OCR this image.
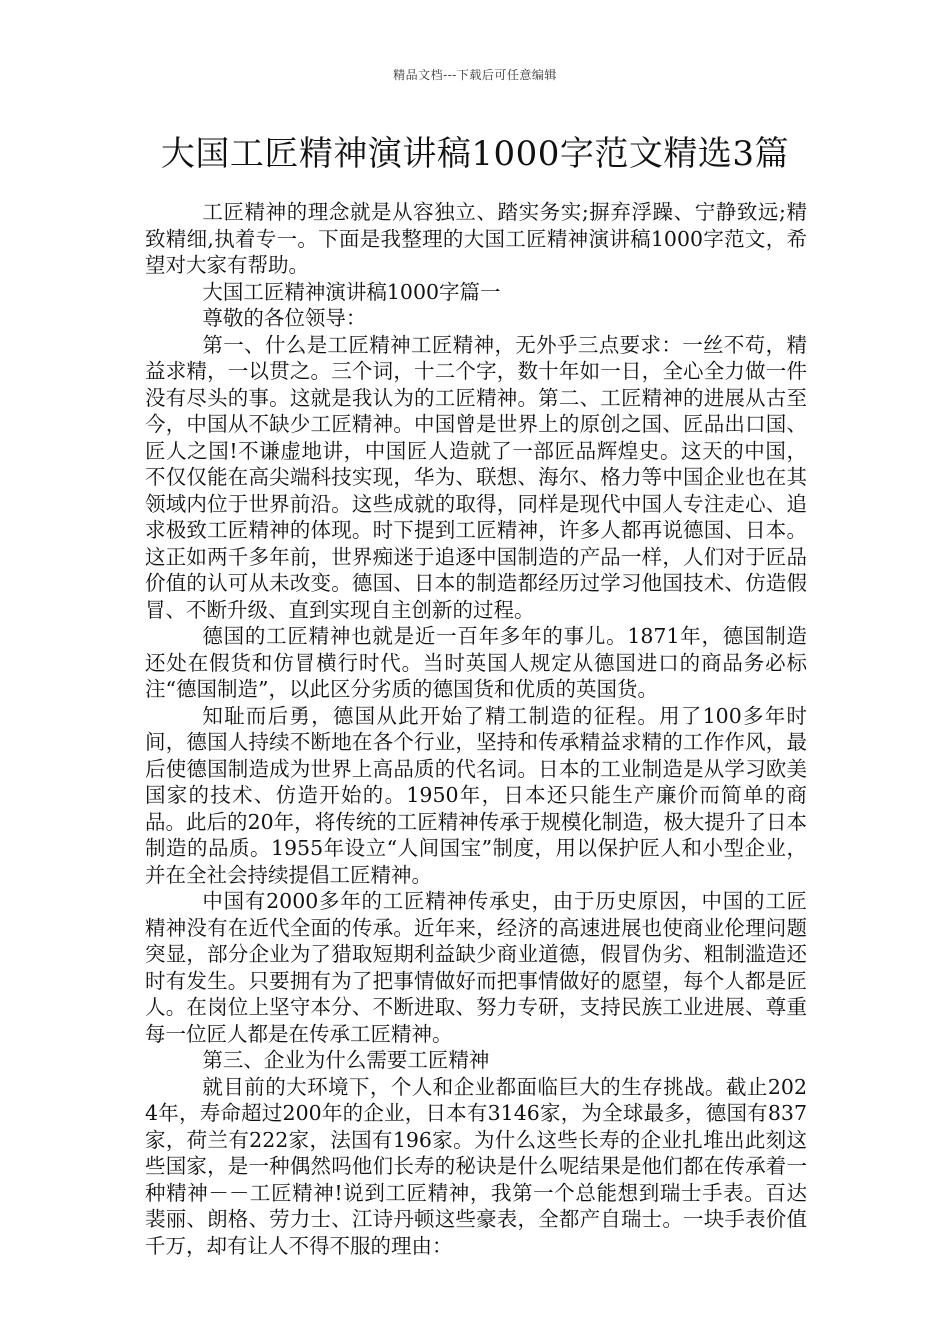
精品文档---下载后可任意编辑
大国工匠精神演讲稿1000字范文精选3篇

工匠精神的理念就是从容独立、踏实务实;摒弃浮躁、宁静致远;精致精细,执着专一。下面是我整理的大国工匠精神演讲稿1000字范文，希望对大家有帮助。

大国工匠精神演讲稿1000字篇一

尊敬的各位领导：

第一、什么是工匠精神工匠精神，无外乎三点要求：一丝不苟，精益求精，一以贯之。三个词，十二个字，数十年如一日，全心全力做一件没有尽头的事。这就是我认为的工匠精神。第二、工匠精神的进展从古至今，中国从不缺少工匠精神。中国曾是世界上的原创之国、匠品出口国、匠人之国!不谦虚地讲，中国匠人造就了一部匠品辉煌史。这天的中国，不仅仅能在高尖端科技实现，华为、联想、海尔、格力等中国企业也在其领域内位于世界前沿。这些成就的取得，同样是现代中国人专注走心、追求极致工匠精神的体现。时下提到工匠精神，许多人都再说德国、日本。这正如两千多年前，世界痴迷于追逐中国制造的产品一样，人们对于匠品价值的认可从未改变。德国、日本的制造都经历过学习他国技术、仿造假冒、不断升级、直到实现自主创新的过程。

德国的工匠精神也就是近一百年多年的事儿。1871年，德国制造还处在假货和仿冒横行时代。当时英国人规定从德国进口的商品务必标注“德国制造”，以此区分劣质的德国货和优质的英国货。

知耻而后勇，德国从此开始了精工制造的征程。用了100多年时间，德国人持续不断地在各个行业，坚持和传承精益求精的工作作风，最后使德国制造成为世界上高品质的代名词。日本的工业制造是从学习欧美国家的技术、仿造开始的。1950年，日本还只能生产廉价而简单的商品。此后的20年，将传统的工匠精神传承于规模化制造，极大提升了日本制造的品质。1955年设立“人间国宝”制度，用以保护匠人和小型企业，并在全社会持续提倡工匠精神。

中国有2000多年的工匠精神传承史，由于历史原因，中国的工匠精神没有在近代全面的传承。近年来，经济的高速进展也使商业伦理问题突显，部分企业为了猎取短期利益缺少商业道德，假冒伪劣、粗制滥造还时有发生。只要拥有为了把事情做好而把事情做好的愿望，每个人都是匠人。在岗位上坚守本分、不断进取、努力专研，支持民族工业进展、尊重每一位匠人都是在传承工匠精神。

第三、企业为什么需要工匠精神

就目前的大环境下，个人和企业都面临巨大的生存挑战。截止2024年，寿命超过200年的企业，日本有3146家，为全球最多，德国有837家，荷兰有222家，法国有196家。为什么这些长寿的企业扎堆出此刻这些国家，是一种偶然吗他们长寿的秘诀是什么呢结果是他们都在传承着一种精神－－工匠精神!说到工匠精神，我第一个总能想到瑞士手表。百达裴丽、朗格、劳力士、江诗丹顿这些豪表，全都产自瑞士。一块手表价值千万，却有让人不得不服的理由：
